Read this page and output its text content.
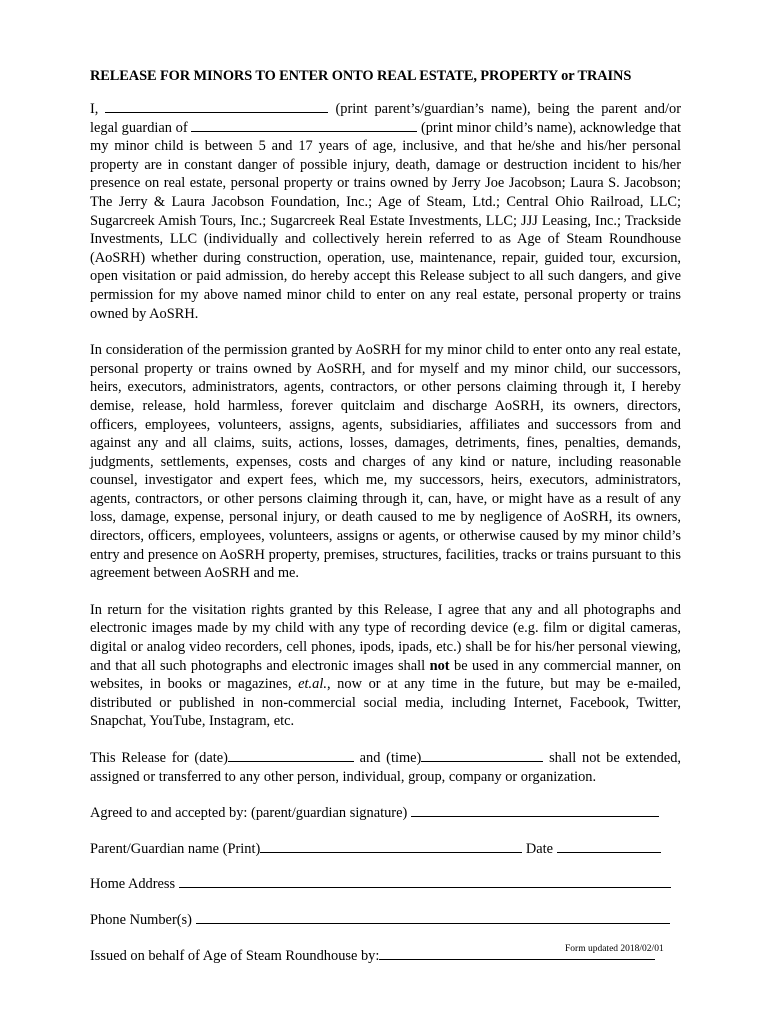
RELEASE FOR MINORS TO ENTER ONTO REAL ESTATE, PROPERTY or TRAINS
I,	(print parent’s/guardian’s name), being the parent and/or legal guardian of	(print minor child’s name), acknowledge that my minor child is between 5 and 17 years of age, inclusive, and that he/she and his/her personal property are in constant danger of possible injury, death, damage or destruction incident to his/her presence on real estate, personal property or trains owned by Jerry Joe Jacobson; Laura S. Jacobson; The Jerry & Laura Jacobson Foundation, Inc.; Age of Steam, Ltd.; Central Ohio Railroad, LLC; Sugarcreek Amish Tours, Inc.; Sugarcreek Real Estate Investments, LLC; JJJ Leasing, Inc.; Trackside Investments, LLC (individually and collectively herein referred to as Age of Steam Roundhouse (AoSRH) whether during construction, operation, use, maintenance, repair, guided tour, excursion, open visitation or paid admission, do hereby accept this Release subject to all such dangers, and give permission for my above named minor child to enter on any real estate, personal property or trains owned by AoSRH.
In consideration of the permission granted by AoSRH for my minor child to enter onto any real estate, personal property or trains owned by AoSRH, and for myself and my minor child, our successors, heirs, executors, administrators, agents, contractors, or other persons claiming through it, I hereby demise, release, hold harmless, forever quitclaim and discharge AoSRH, its owners, directors, officers, employees, volunteers, assigns, agents, subsidiaries, affiliates and successors from and against any and all claims, suits, actions, losses, damages, detriments, fines, penalties, demands, judgments, settlements, expenses, costs and charges of any kind or nature, including reasonable counsel, investigator and expert fees, which me, my successors, heirs, executors, administrators, agents, contractors, or other persons claiming through it, can, have, or might have as a result of any loss, damage, expense, personal injury, or death caused to me by negligence of AoSRH, its owners, directors, officers, employees, volunteers, assigns or agents, or otherwise caused by my minor child’s entry and presence on AoSRH property, premises, structures, facilities, tracks or trains pursuant to this agreement between AoSRH and me.
In return for the visitation rights granted by this Release, I agree that any and all photographs and electronic images made by my child with any type of recording device (e.g. film or digital cameras, digital or analog video recorders, cell phones, ipods, ipads, etc.) shall be for his/her personal viewing, and that all such photographs and electronic images shall not be used in any commercial manner, on websites, in books or magazines, et.al., now or at any time in the future, but may be e-mailed, distributed or published in non-commercial social media, including Internet, Facebook, Twitter, Snapchat, YouTube, Instagram, etc.
This Release for (date)	and (time)	shall not be extended, assigned or transferred to any other person, individual, group, company or organization.
Agreed to and accepted by: (parent/guardian signature)
Parent/Guardian name (Print)	Date
Home Address
Phone Number(s)
Issued on behalf of Age of Steam Roundhouse by:	Form updated 2018/02/01
